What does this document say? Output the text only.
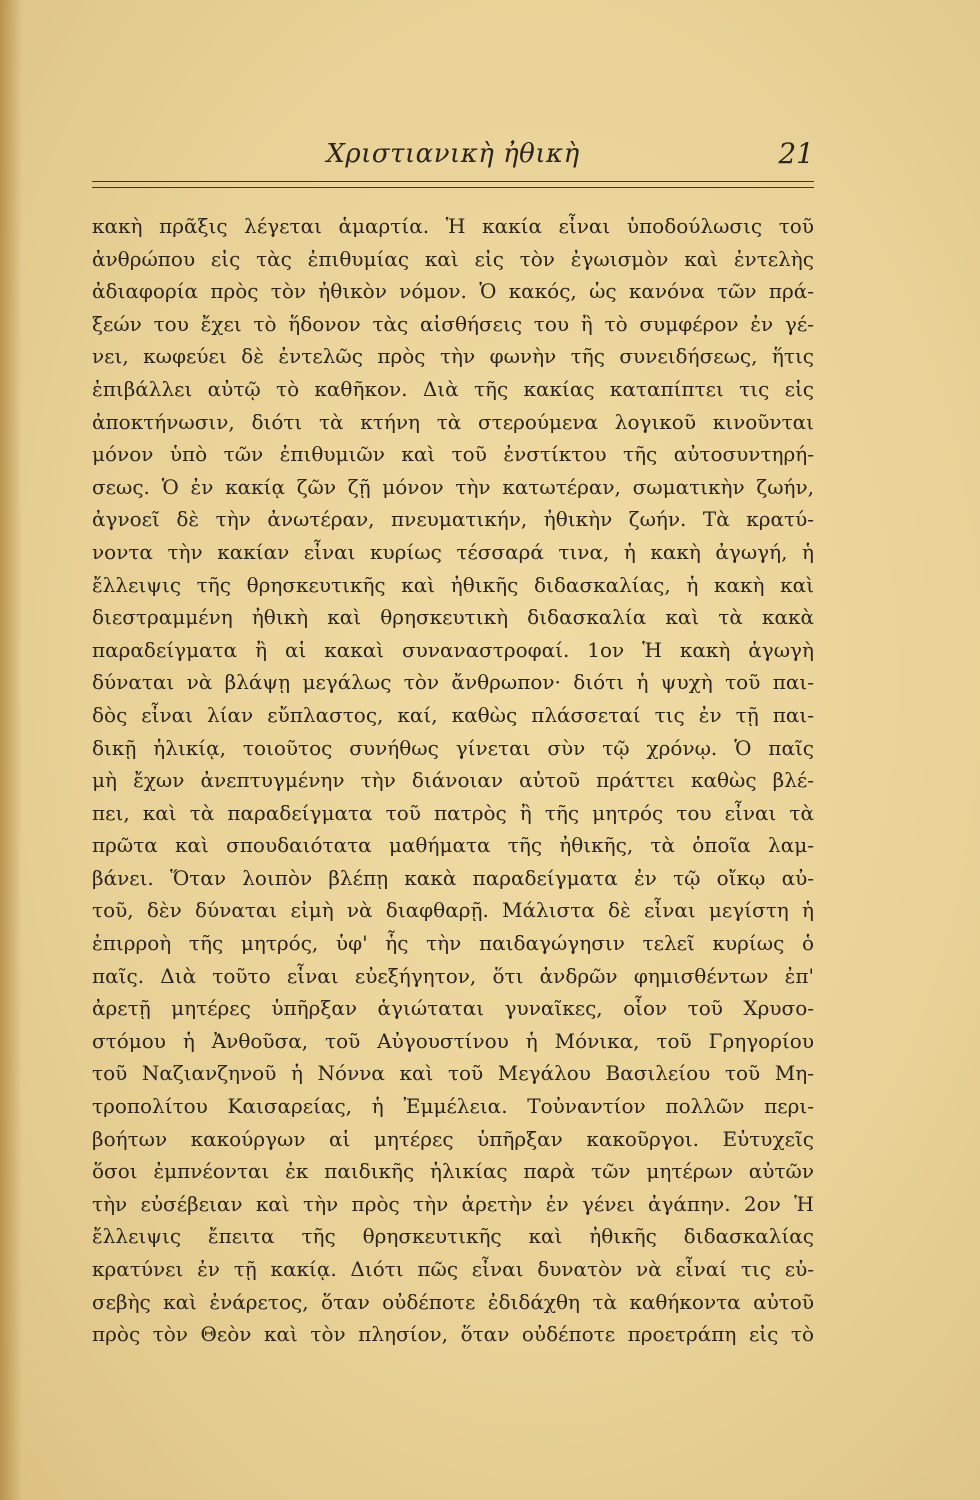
Χριστιανικὴ ἠθικὴ	21
κακὴ πρᾶξις λέγεται ἁμαρτία. Ἡ κακία εἶναι ὑποδούλωσις τοῦ
ἀνθρώπου εἰς τὰς ἐπιθυμίας καὶ εἰς τὸν ἐγωισμὸν καὶ ἐντελὴς
ἀδιαφορία πρὸς τὸν ἠθικὸν νόμον. Ὁ κακός, ὡς κανόνα τῶν πρά-
ξεών του ἔχει τὸ ἥδονον τὰς αἰσθήσεις του ἢ τὸ συμφέρον ἐν γέ-
νει, κωφεύει δὲ ἐντελῶς πρὸς τὴν φωνὴν τῆς συνειδήσεως, ἥτις
ἐπιβάλλει αὐτῷ τὸ καθῆκον. Διὰ τῆς κακίας καταπίπτει τις εἰς
ἀποκτήνωσιν, διότι τὰ κτήνη τὰ στερούμενα λογικοῦ κινοῦνται
μόνον ὑπὸ τῶν ἐπιθυμιῶν καὶ τοῦ ἐνστίκτου τῆς αὐτοσυντηρή-
σεως. Ὁ ἐν κακίᾳ ζῶν ζῇ μόνον τὴν κατωτέραν, σωματικὴν ζωήν,
ἀγνοεῖ δὲ τὴν ἀνωτέραν, πνευματικήν, ἠθικὴν ζωήν. Τὰ κρατύ-
νοντα τὴν κακίαν εἶναι κυρίως τέσσαρά τινα, ἡ κακὴ ἀγωγή, ἡ
ἔλλειψις τῆς θρησκευτικῆς καὶ ἠθικῆς διδασκαλίας, ἡ κακὴ καὶ
διεστραμμένη ἠθικὴ καὶ θρησκευτικὴ διδασκαλία καὶ τὰ κακὰ
παραδείγματα ἢ αἱ κακαὶ συναναστροφαί. 1ον Ἡ κακὴ ἀγωγὴ
δύναται νὰ βλάψῃ μεγάλως τὸν ἄνθρωπον· διότι ἡ ψυχὴ τοῦ παι-
δὸς εἶναι λίαν εὔπλαστος, καί, καθὼς πλάσσεταί τις ἐν τῇ παι-
δικῇ ἡλικίᾳ, τοιοῦτος συνήθως γίνεται σὺν τῷ χρόνῳ. Ὁ παῖς
μὴ ἔχων ἀνεπτυγμένην τὴν διάνοιαν αὐτοῦ πράττει καθὼς βλέ-
πει, καὶ τὰ παραδείγματα τοῦ πατρὸς ἢ τῆς μητρός του εἶναι τὰ
πρῶτα καὶ σπουδαιότατα μαθήματα τῆς ἠθικῆς, τὰ ὁποῖα λαμ-
βάνει. Ὅταν λοιπὸν βλέπῃ κακὰ παραδείγματα ἐν τῷ οἴκῳ αὐ-
τοῦ, δὲν δύναται εἰμὴ νὰ διαφθαρῇ. Μάλιστα δὲ εἶναι μεγίστη ἡ
ἐπιρροὴ τῆς μητρός, ὑφ' ἧς τὴν παιδαγώγησιν τελεῖ κυρίως ὁ
παῖς. Διὰ τοῦτο εἶναι εὐεξήγητον, ὅτι ἀνδρῶν φημισθέντων ἐπ'
ἀρετῇ μητέρες ὑπῆρξαν ἁγιώταται γυναῖκες, οἷον τοῦ Χρυσο-
στόμου ἡ Ἀνθοῦσα, τοῦ Αὐγουστίνου ἡ Μόνικα, τοῦ Γρηγορίου
τοῦ Ναζιανζηνοῦ ἡ Νόννα καὶ τοῦ Μεγάλου Βασιλείου τοῦ Μη-
τροπολίτου Καισαρείας, ἡ Ἐμμέλεια. Τοὐναντίον πολλῶν περι-
βοήτων κακούργων αἱ μητέρες ὑπῆρξαν κακοῦργοι. Εὐτυχεῖς
ὅσοι ἐμπνέονται ἐκ παιδικῆς ἡλικίας παρὰ τῶν μητέρων αὐτῶν
τὴν εὐσέβειαν καὶ τὴν πρὸς τὴν ἀρετὴν ἐν γένει ἀγάπην. 2ον Ἡ
ἔλλειψις ἔπειτα τῆς θρησκευτικῆς καὶ ἠθικῆς διδασκαλίας
κρατύνει ἐν τῇ κακίᾳ. Διότι πῶς εἶναι δυνατὸν νὰ εἶναί τις εὐ-
σεβὴς καὶ ἐνάρετος, ὅταν οὐδέποτε ἐδιδάχθη τὰ καθήκοντα αὐτοῦ
πρὸς τὸν Θεὸν καὶ τὸν πλησίον, ὅταν οὐδέποτε προετράπη εἰς τὸ
